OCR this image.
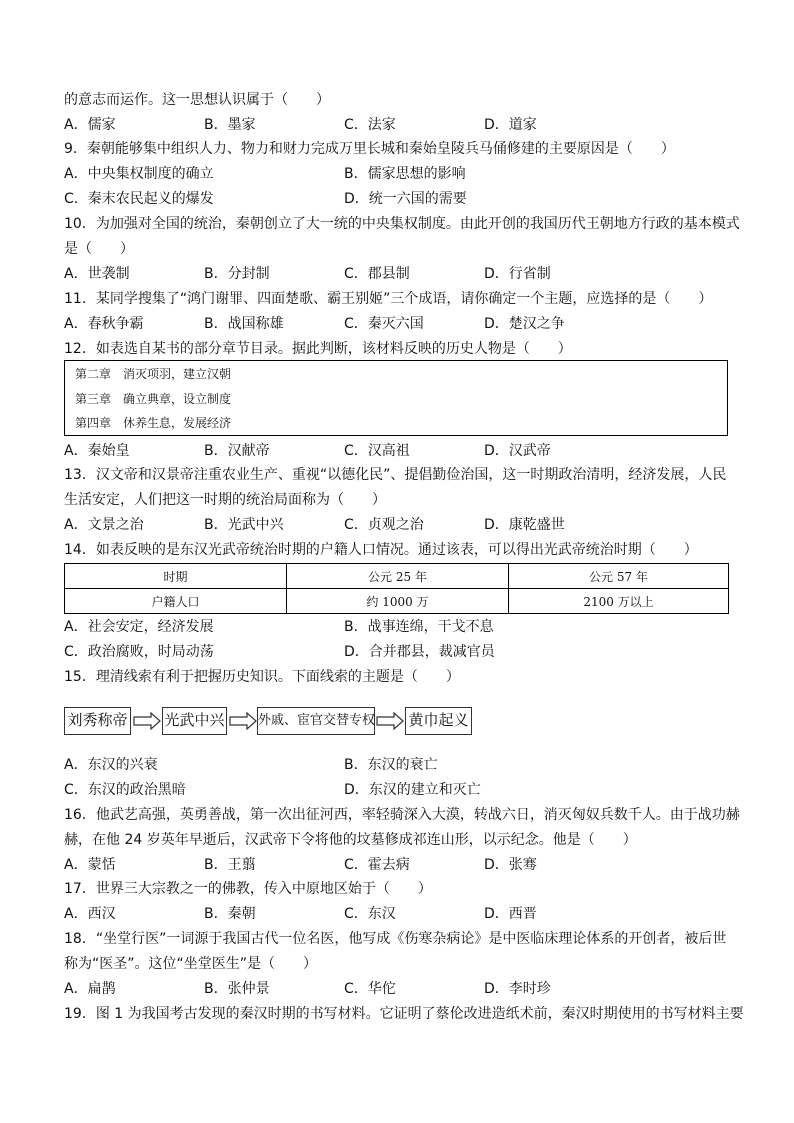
的意志而运作。这一思想认识属于（　　）
9．秦朝能够集中组织人力、物力和财力完成万里长城和秦始皇陵兵马俑修建的主要原因是（　　）
10．为加强对全国的统治，秦朝创立了大一统的中央集权制度。由此开创的我国历代王朝地方行政的基本模式
是（　　）
11．某同学搜集了“鸿门谢罪、四面楚歌、霸王别姬”三个成语，请你确定一个主题，应选择的是（　　）
12．如表选自某书的部分章节目录。据此判断，该材料反映的历史人物是（　　）
13．汉文帝和汉景帝注重农业生产、重视“以德化民”、提倡勤俭治国，这一时期政治清明，经济发展，人民
生活安定，人们把这一时期的统治局面称为（　　）
14．如表反映的是东汉光武帝统治时期的户籍人口情况。通过该表，可以得出光武帝统治时期（　　）
15．理清线索有利于把握历史知识。下面线索的主题是（　　）
16．他武艺高强，英勇善战，第一次出征河西，率轻骑深入大漠，转战六日，消灭匈奴兵数千人。由于战功赫
赫，在他 24 岁英年早逝后，汉武帝下令将他的坟墓修成祁连山形，以示纪念。他是（　　）
17．世界三大宗教之一的佛教，传入中原地区始于（　　）
18．“坐堂行医”一词源于我国古代一位名医，他写成《伤寒杂病论》是中医临床理论体系的开创者，被后世
称为“医圣”。这位“坐堂医生”是（　　）
19．图 1 为我国考古发现的秦汉时期的书写材料。它证明了蔡伦改进造纸术前，秦汉时期使用的书写材料主要
A．儒家	B．墨家	C．法家	D．道家
A．中央集权制度的确立	B．儒家思想的影响
C．秦末农民起义的爆发	D．统一六国的需要
A．世袭制	B．分封制	C．郡县制	D．行省制
A．春秋争霸	B．战国称雄	C．秦灭六国	D．楚汉之争
A．秦始皇	B．汉献帝	C．汉高祖	D．汉武帝
A．文景之治	B．光武中兴	C．贞观之治	D．康乾盛世
A．社会安定，经济发展	B．战事连绵，干戈不息
C．政治腐败，时局动荡	D．合并郡县，裁减官员
A．东汉的兴衰	B．东汉的衰亡
C．东汉的政治黑暗	D．东汉的建立和灭亡
A．蒙恬	B．王翦	C．霍去病	D．张骞
A．西汉	B．秦朝	C．东汉	D．西晋
A．扁鹊	B．张仲景	C．华佗	D．李时珍
第二章　消灭项羽，建立汉朝
第三章　确立典章，设立制度
第四章　休养生息，发展经济
时期	公元 25 年	公元 57 年
户籍人口	约 1000 万	2100 万以上
刘秀称帝 光武中兴	外戚、宦官交替专权 黄巾起义
